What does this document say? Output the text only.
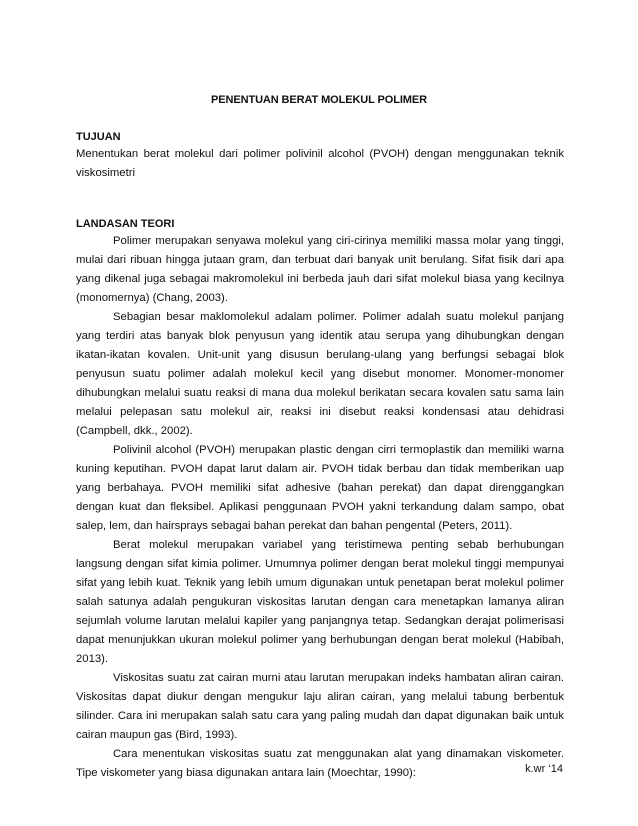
PENENTUAN BERAT MOLEKUL POLIMER
TUJUAN

Menentukan berat molekul dari polimer polivinil alcohol (PVOH) dengan menggunakan teknik viskosimetri

LANDASAN TEORI

Polimer merupakan senyawa molekul yang ciri-cirinya memiliki massa molar yang tinggi, mulai dari ribuan hingga jutaan gram, dan terbuat dari banyak unit berulang. Sifat fisik dari apa yang dikenal juga sebagai makromolekul ini berbeda jauh dari sifat molekul biasa yang kecilnya (monomernya) (Chang, 2003).

Sebagian besar maklomolekul adalam polimer. Polimer adalah suatu molekul panjang yang terdiri atas banyak blok penyusun yang identik atau serupa yang dihubungkan dengan ikatan-ikatan kovalen. Unit-unit yang disusun berulang-ulang yang berfungsi sebagai blok penyusun suatu polimer adalah molekul kecil yang disebut monomer. Monomer-monomer dihubungkan melalui suatu reaksi di mana dua molekul berikatan secara kovalen satu sama lain melalui pelepasan satu molekul air, reaksi ini disebut reaksi kondensasi atau dehidrasi (Campbell, dkk., 2002).

Polivinil alcohol (PVOH) merupakan plastic dengan cirri termoplastik dan memiliki warna kuning keputihan. PVOH dapat larut dalam air. PVOH tidak berbau dan tidak memberikan uap yang berbahaya. PVOH memiliki sifat adhesive (bahan perekat) dan dapat direnggangkan dengan kuat dan fleksibel. Aplikasi penggunaan PVOH yakni terkandung dalam sampo, obat salep, lem, dan hairsprays sebagai bahan perekat dan bahan pengental (Peters, 2011).

Berat molekul merupakan variabel yang teristimewa penting sebab berhubungan langsung dengan sifat kimia polimer. Umumnya polimer dengan berat molekul tinggi mempunyai sifat yang lebih kuat. Teknik yang lebih umum digunakan untuk penetapan berat molekul polimer salah satunya adalah pengukuran viskositas larutan dengan cara menetapkan lamanya aliran sejumlah volume larutan melalui kapiler yang panjangnya tetap. Sedangkan derajat polimerisasi dapat menunjukkan ukuran molekul polimer yang berhubungan dengan berat molekul (Habibah, 2013).

Viskositas suatu zat cairan murni atau larutan merupakan indeks hambatan aliran cairan. Viskositas dapat diukur dengan mengukur laju aliran cairan, yang melalui tabung berbentuk silinder. Cara ini merupakan salah satu cara yang paling mudah dan dapat digunakan baik untuk cairan maupun gas (Bird, 1993).

Cara menentukan viskositas suatu zat menggunakan alat yang dinamakan viskometer. Tipe viskometer yang biasa digunakan antara lain (Moechtar, 1990):	k.wr ‘14
